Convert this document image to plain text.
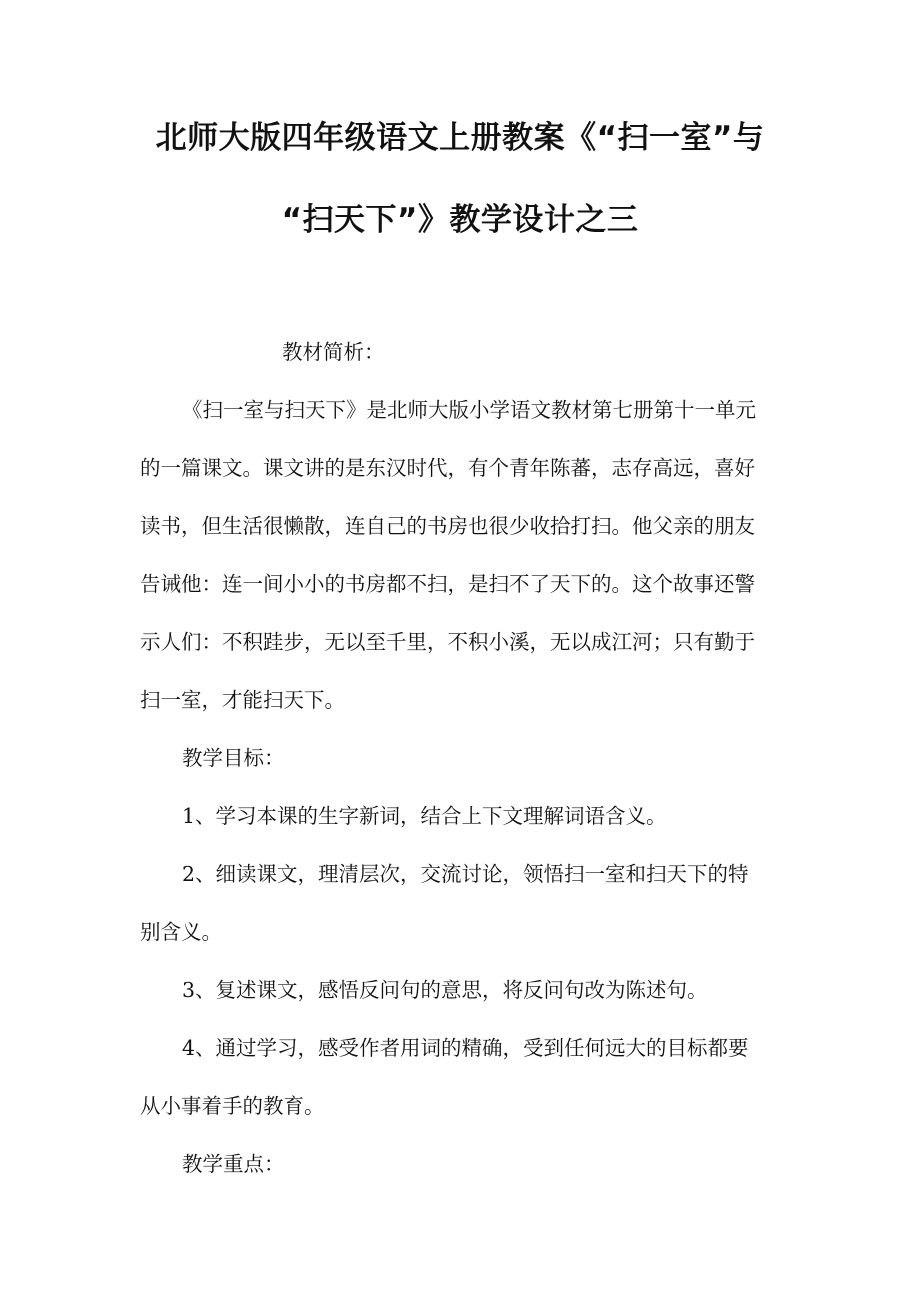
北师大版四年级语文上册教案《“扫一室”与
“扫天下”》教学设计之三
教材简析：
《扫一室与扫天下》是北师大版小学语文教材第七册第十一单元
的一篇课文。课文讲的是东汉时代，有个青年陈蕃，志存高远，喜好
读书，但生活很懒散，连自己的书房也很少收拾打扫。他父亲的朋友
告诫他：连一间小小的书房都不扫，是扫不了天下的。这个故事还警
示人们：不积跬步，无以至千里，不积小溪，无以成江河；只有勤于
扫一室，才能扫天下。
教学目标：
1、学习本课的生字新词，结合上下文理解词语含义。
2、细读课文，理清层次，交流讨论，领悟扫一室和扫天下的特
别含义。
3、复述课文，感悟反问句的意思，将反问句改为陈述句。
4、通过学习，感受作者用词的精确，受到任何远大的目标都要
从小事着手的教育。
教学重点：
